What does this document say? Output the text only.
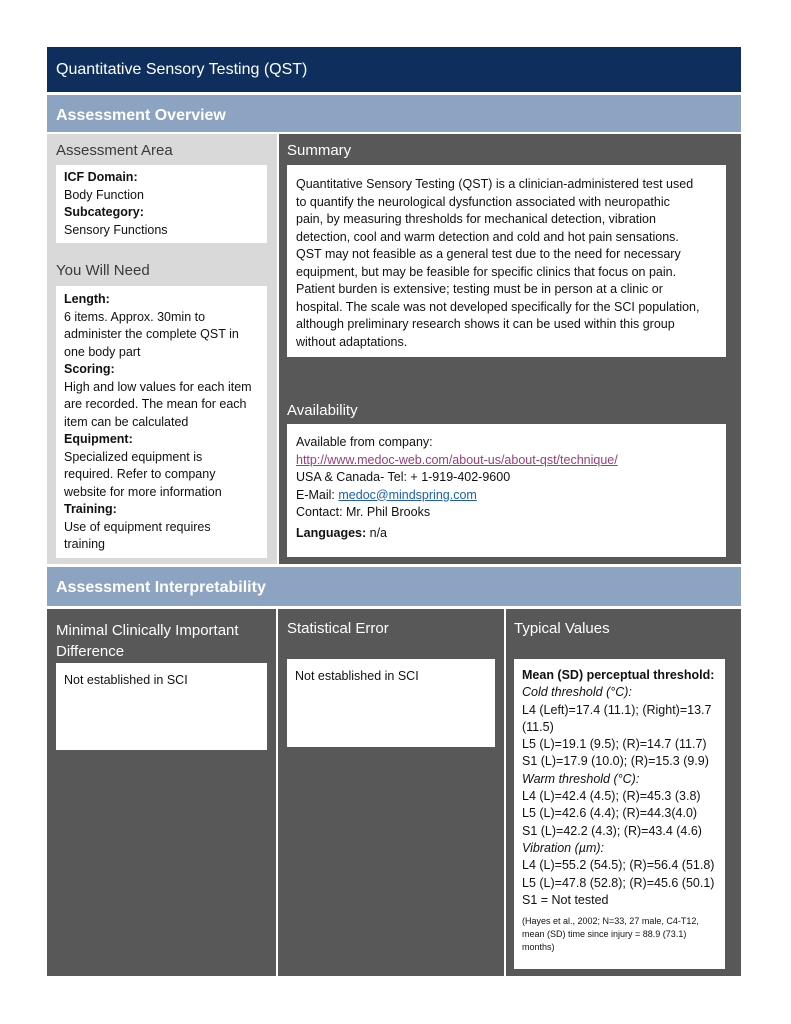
Quantitative Sensory Testing (QST)
Assessment Overview
Assessment Area
ICF Domain:
Body Function
Subcategory:
Sensory Functions
You Will Need
Length:
6 items. Approx. 30min to
administer the complete QST in
one body part
Scoring:
High and low values for each item
are recorded. The mean for each
item can be calculated
Equipment:
Specialized equipment is
required. Refer to company
website for more information
Training:
Use of equipment requires
training
Summary
Quantitative Sensory Testing (QST) is a clinician-administered test used
to quantify the neurological dysfunction associated with neuropathic
pain, by measuring thresholds for mechanical detection, vibration
detection, cool and warm detection and cold and hot pain sensations.
QST may not feasible as a general test due to the need for necessary
equipment, but may be feasible for specific clinics that focus on pain.
Patient burden is extensive; testing must be in person at a clinic or
hospital. The scale was not developed specifically for the SCI population,
although preliminary research shows it can be used within this group
without adaptations.
Availability
Available from company:
http://www.medoc-web.com/about-us/about-qst/technique/
USA & Canada- Tel: + 1-919-402-9600
E-Mail: medoc@mindspring.com
Contact: Mr. Phil Brooks
Languages: n/a
Assessment Interpretability
Minimal Clinically Important
Difference
Not established in SCI
Statistical Error
Not established in SCI
Typical Values
Mean (SD) perceptual threshold:
Cold threshold (°C):
L4 (Left)=17.4 (11.1); (Right)=13.7
(11.5)
L5 (L)=19.1 (9.5); (R)=14.7 (11.7)
S1 (L)=17.9 (10.0); (R)=15.3 (9.9)
Warm threshold (°C):
L4 (L)=42.4 (4.5); (R)=45.3 (3.8)
L5 (L)=42.6 (4.4); (R)=44.3(4.0)
S1 (L)=42.2 (4.3); (R)=43.4 (4.6)
Vibration (µm):
L4 (L)=55.2 (54.5); (R)=56.4 (51.8)
L5 (L)=47.8 (52.8); (R)=45.6 (50.1)
S1 = Not tested
(Hayes et al., 2002; N=33, 27 male, C4-T12,
mean (SD) time since injury = 88.9 (73.1)
months)
